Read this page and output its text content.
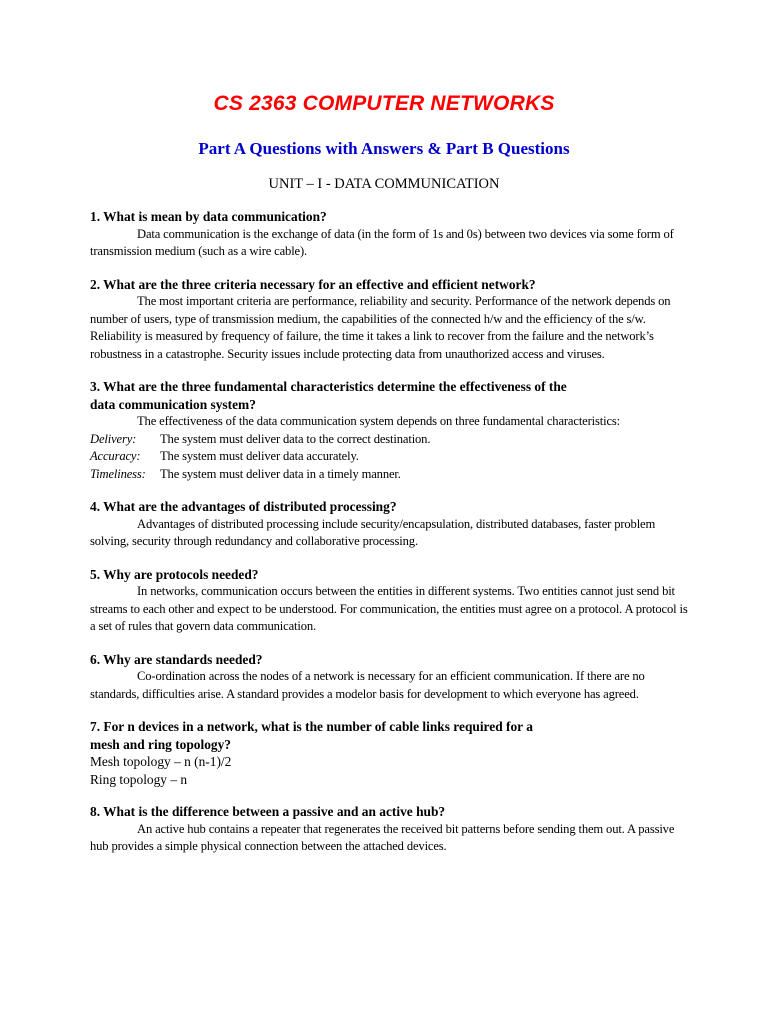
CS 2363 COMPUTER NETWORKS
Part A Questions with Answers & Part B Questions
UNIT – I - DATA COMMUNICATION
1. What is mean by data communication?
Data communication is the exchange of data (in the form of 1s and 0s) between two devices via some form of transmission medium (such as a wire cable).
2. What are the three criteria necessary for an effective and efficient network?
The most important criteria are performance, reliability and security. Performance of the network depends on number of users, type of transmission medium, the capabilities of the connected h/w and the efficiency of the s/w. Reliability is measured by frequency of failure, the time it takes a link to recover from the failure and the network’s robustness in a catastrophe. Security issues include protecting data from unauthorized access and viruses.
3. What are the three fundamental characteristics determine the effectiveness of the
data communication system?
The effectiveness of the data communication system depends on three fundamental characteristics:
Delivery: The system must deliver data to the correct destination.
Accuracy: The system must deliver data accurately.
Timeliness: The system must deliver data in a timely manner.
4. What are the advantages of distributed processing?
Advantages of distributed processing include security/encapsulation, distributed databases, faster problem solving, security through redundancy and collaborative processing.
5. Why are protocols needed?
In networks, communication occurs between the entities in different systems. Two entities cannot just send bit streams to each other and expect to be understood. For communication, the entities must agree on a protocol. A protocol is a set of rules that govern data communication.
6. Why are standards needed?
Co-ordination across the nodes of a network is necessary for an efficient communication. If there are no standards, difficulties arise. A standard provides a modelor basis for development to which everyone has agreed.
7. For n devices in a network, what is the number of cable links required for a
mesh and ring topology?
Mesh topology – n (n-1)/2
Ring topology – n
8. What is the difference between a passive and an active hub?
An active hub contains a repeater that regenerates the received bit patterns before sending them out. A passive hub provides a simple physical connection between the attached devices.
